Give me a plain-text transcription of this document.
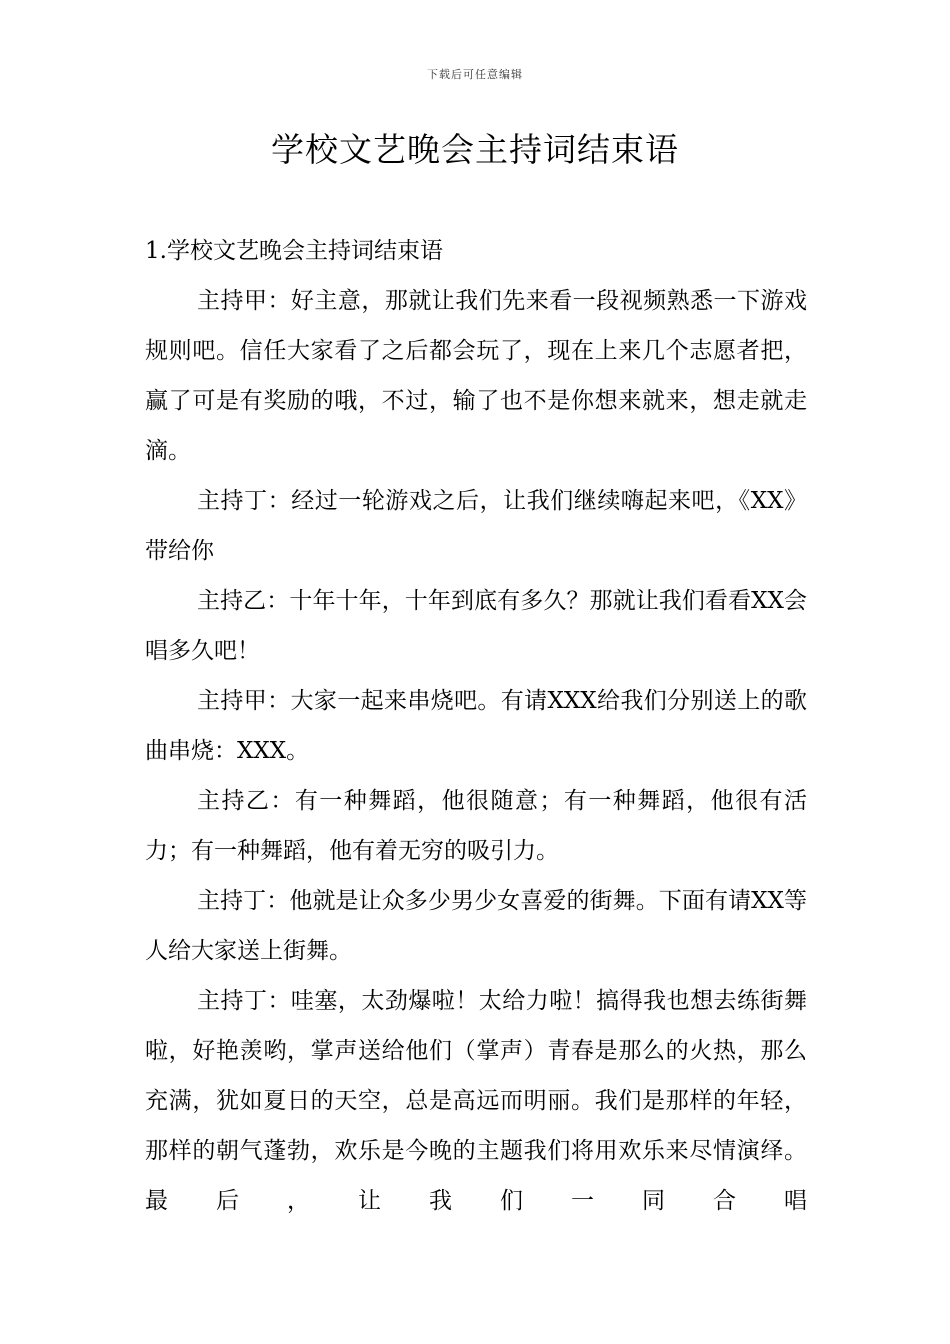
下载后可任意编辑
学校文艺晚会主持词结束语

1.学校文艺晚会主持词结束语

主持甲：好主意，那就让我们先来看一段视频熟悉一下游戏规则吧。信任大家看了之后都会玩了，现在上来几个志愿者把，赢了可是有奖励的哦，不过，输了也不是你想来就来，想走就走滴。

主持丁：经过一轮游戏之后，让我们继续嗨起来吧，《XX》带给你

主持乙：十年十年，十年到底有多久？那就让我们看看XX会唱多久吧！

主持甲：大家一起来串烧吧。有请XXX给我们分别送上的歌曲串烧：XXX。

主持乙：有一种舞蹈，他很随意；有一种舞蹈，他很有活力；有一种舞蹈，他有着无穷的吸引力。

主持丁：他就是让众多少男少女喜爱的街舞。下面有请XX等人给大家送上街舞。

主持丁：哇塞，太劲爆啦！太给力啦！搞得我也想去练街舞啦，好艳羡哟，掌声送给他们（掌声）青春是那么的火热，那么充满，犹如夏日的天空，总是高远而明丽。我们是那样的年轻，那样的朝气蓬勃，欢乐是今晚的主题我们将用欢乐来尽情演绎。最后，让我们一同合唱
